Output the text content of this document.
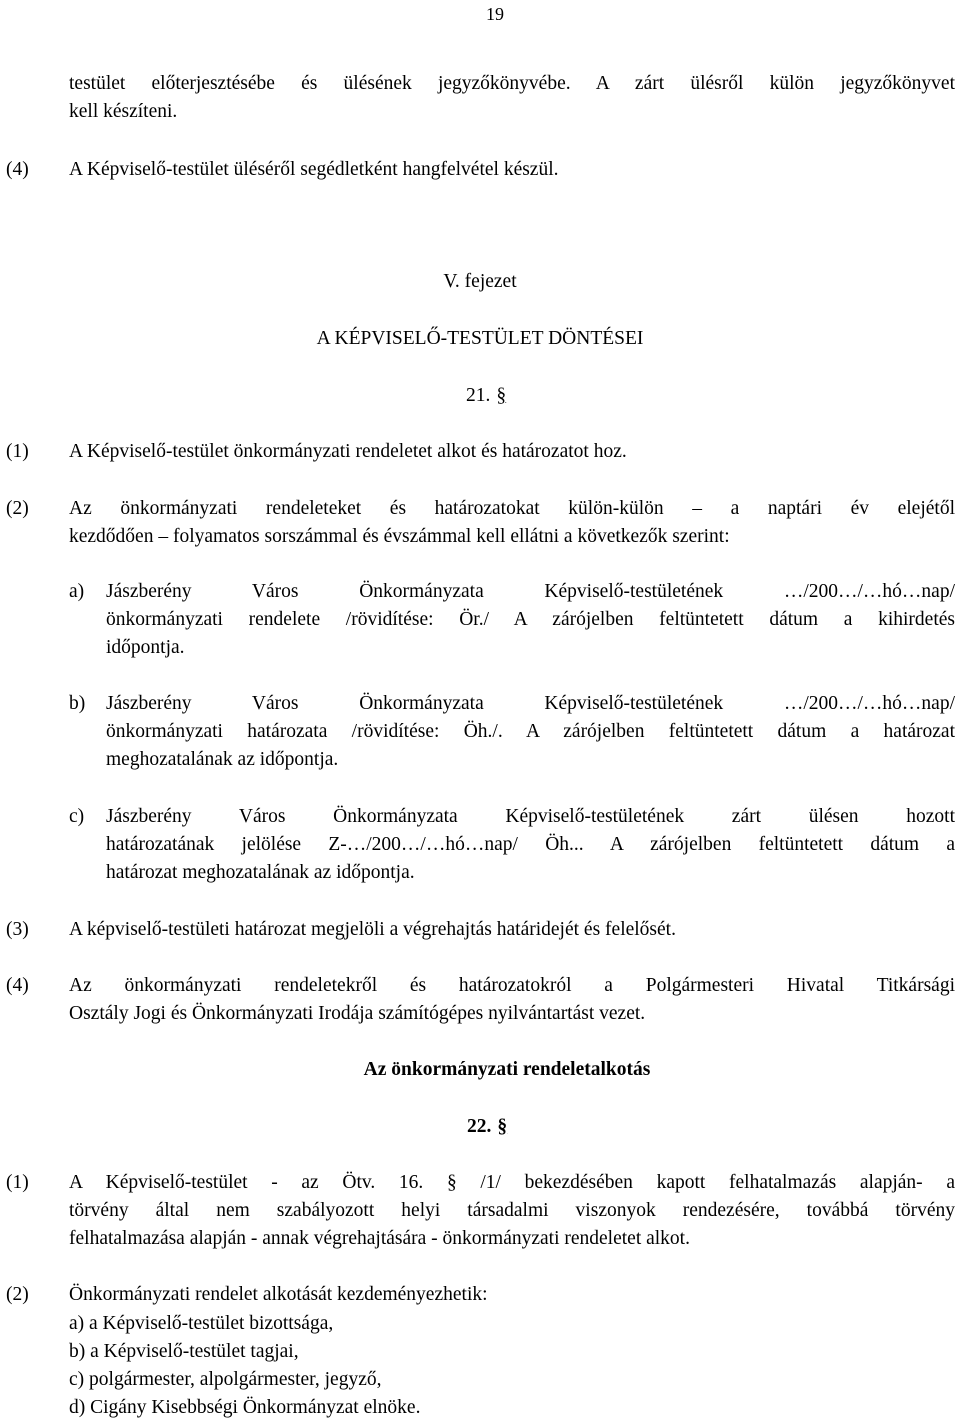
19
testület előterjesztésébe és ülésének jegyzőkönyvébe. A zárt ülésről külön jegyzőkönyvet
kell készíteni.
(4) A Képviselő-testület üléséről segédletként hangfelvétel készül.
V. fejezet
A KÉPVISELŐ-TESTÜLET DÖNTÉSEI
21. §
(1) A Képviselő-testület önkormányzati rendeletet alkot és határozatot hoz.
(2) Az önkormányzati rendeleteket és határozatokat külön-külön – a naptári év elejétől
kezdődően – folyamatos sorszámmal és évszámmal kell ellátni a következők szerint:
a) Jászberény Város Önkormányzata Képviselő-testületének …/200…/…hó…nap/
önkormányzati rendelete /rövidítése: Ör./ A zárójelben feltüntetett dátum a kihirdetés
időpontja.
b) Jászberény Város Önkormányzata Képviselő-testületének …/200…/…hó…nap/
önkormányzati határozata /rövidítése: Öh./. A zárójelben feltüntetett dátum a határozat
meghozatalának az időpontja.
c) Jászberény Város Önkormányzata Képviselő-testületének zárt ülésen hozott
határozatának jelölése Z-…/200…/…hó…nap/ Öh... A zárójelben feltüntetett dátum a
határozat meghozatalának az időpontja.
(3) A képviselő-testületi határozat megjelöli a végrehajtás határidejét és felelősét.
(4) Az önkormányzati rendeletekről és határozatokról a Polgármesteri Hivatal Titkársági
Osztály Jogi és Önkormányzati Irodája számítógépes nyilvántartást vezet.
Az önkormányzati rendeletalkotás
22. §
(1) A Képviselő-testület - az Ötv. 16. § /1/ bekezdésében kapott felhatalmazás alapján- a
törvény által nem szabályozott helyi társadalmi viszonyok rendezésére, továbbá törvény
felhatalmazása alapján - annak végrehajtására - önkormányzati rendeletet alkot.
(2) Önkormányzati rendelet alkotását kezdeményezhetik:
a) a Képviselő-testület bizottsága,
b) a Képviselő-testület tagjai,
c) polgármester, alpolgármester, jegyző,
d) Cigány Kisebbségi Önkormányzat elnöke.
